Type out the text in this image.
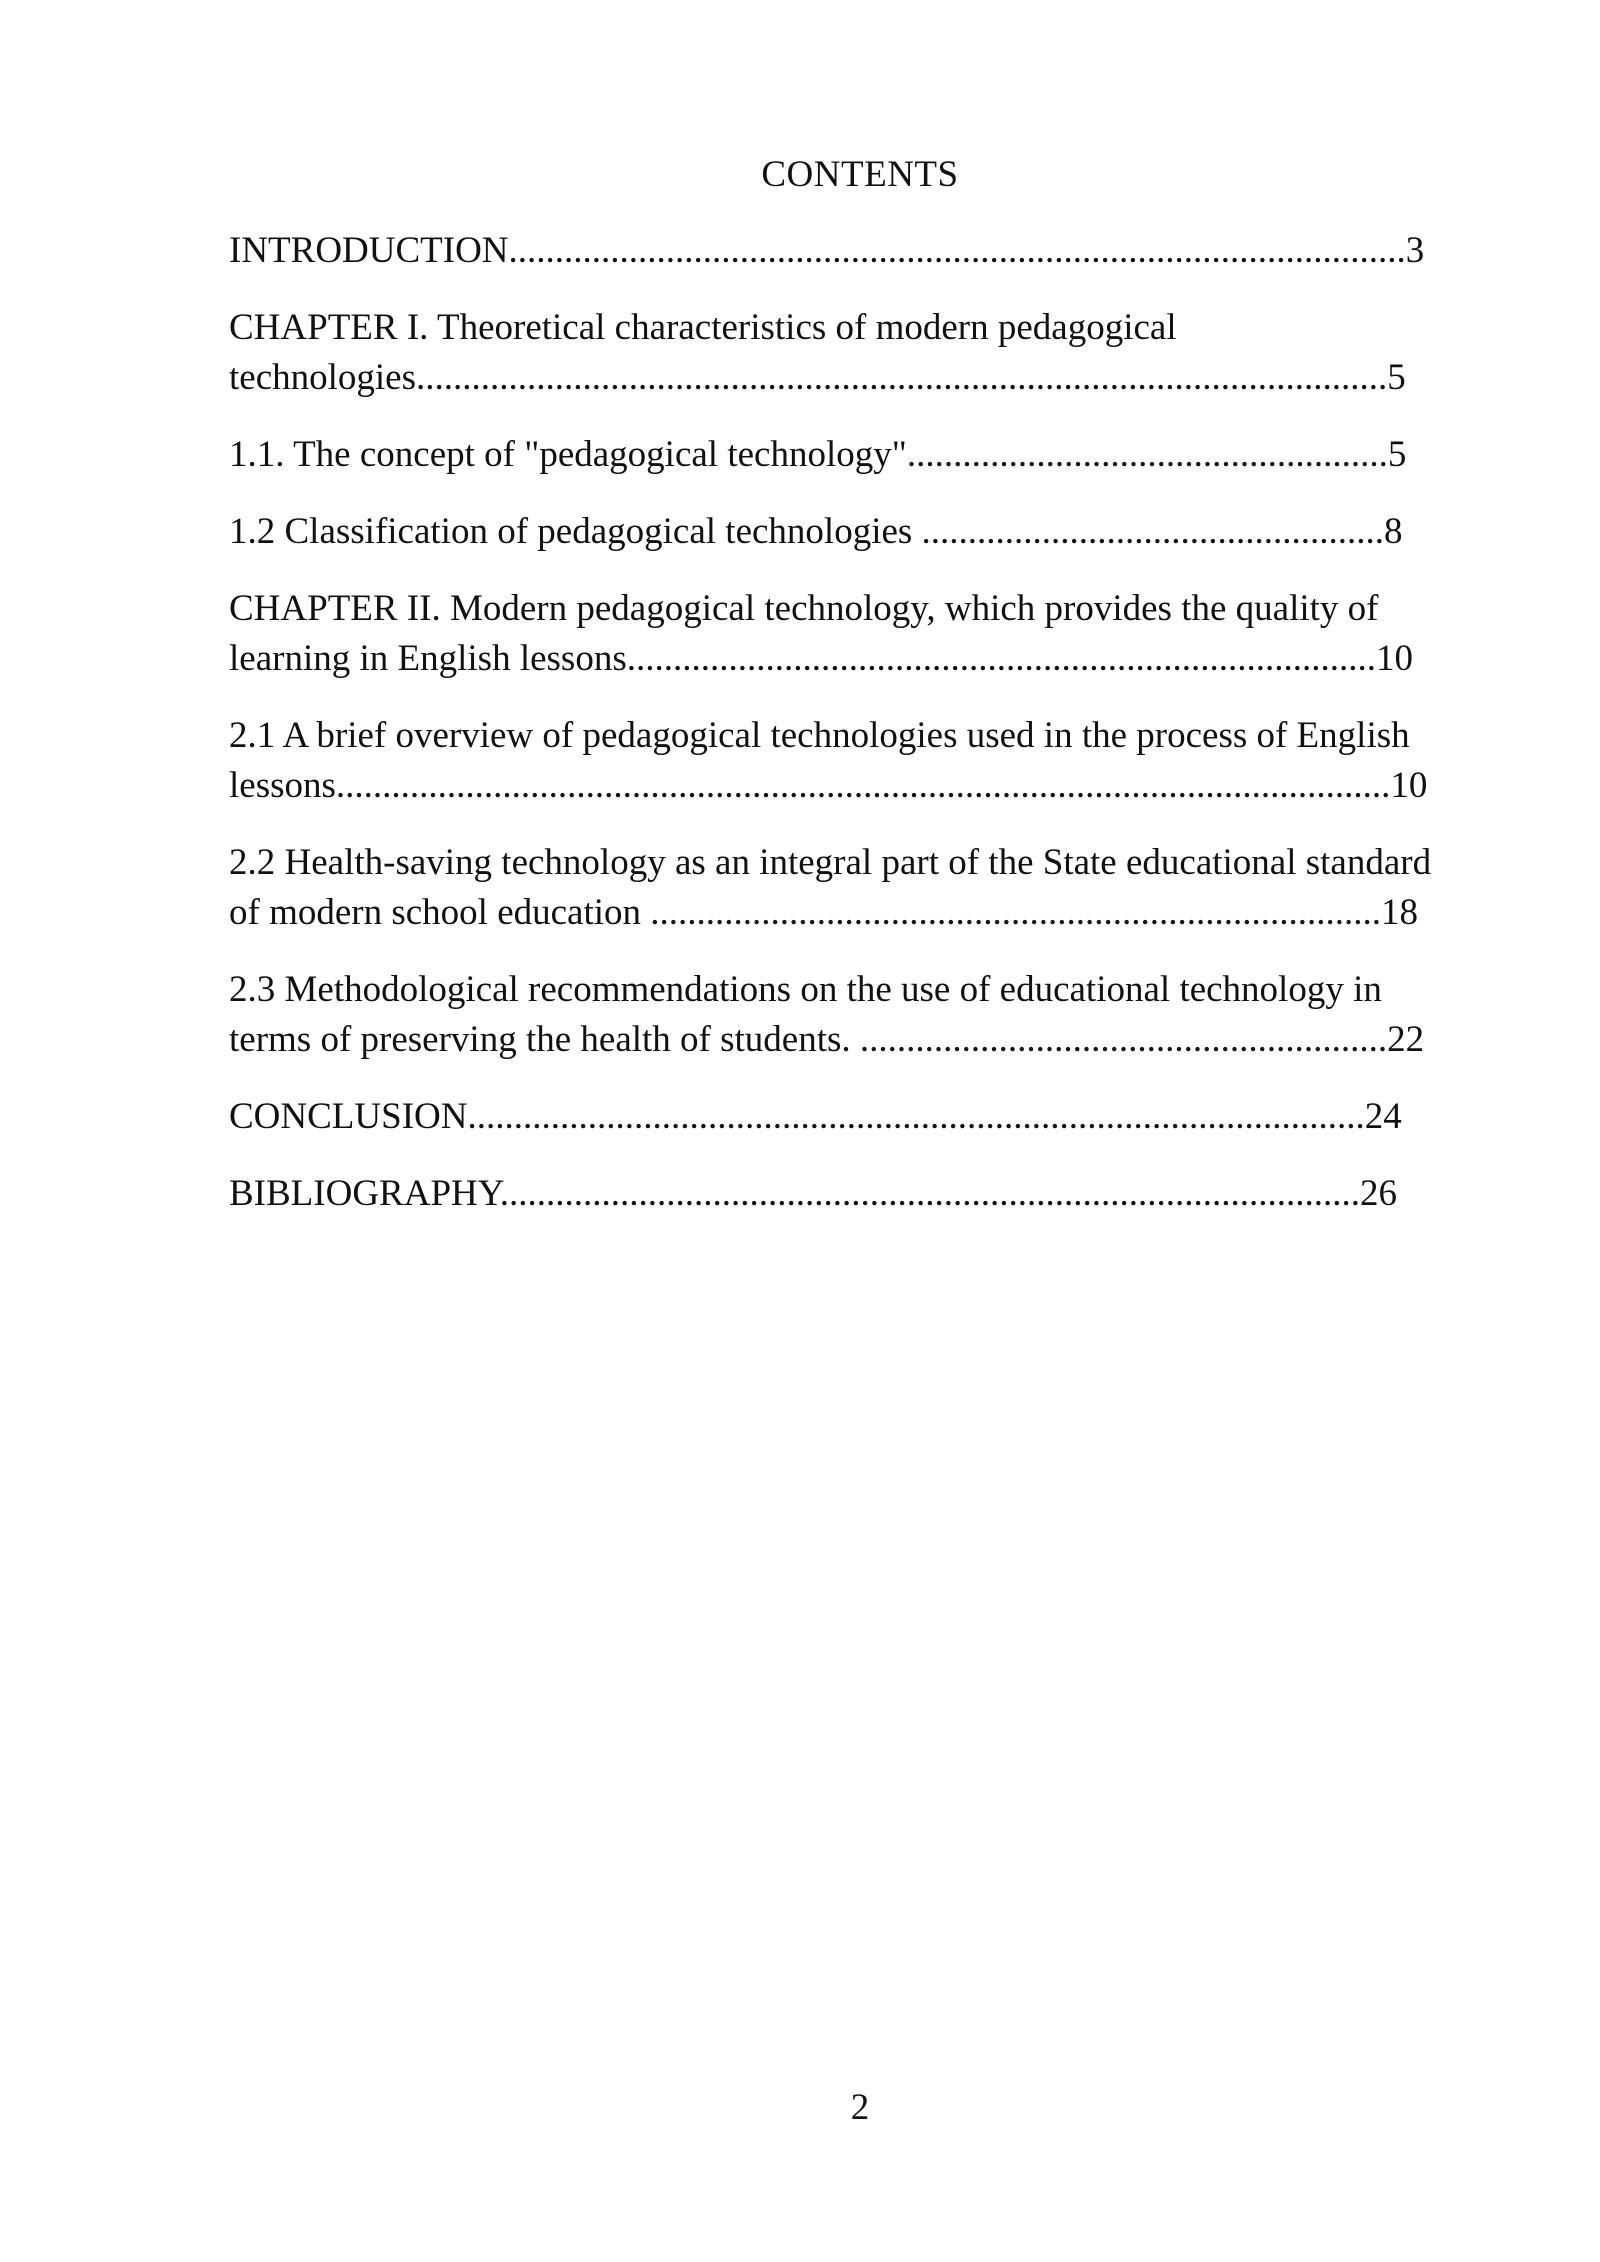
CONTENTS
INTRODUCTION.................................................................................................3
CHAPTER I. Theoretical characteristics of modern pedagogical
technologies.........................................................................................................5
1.1. The concept of "pedagogical technology"....................................................5
1.2 Classification of pedagogical technologies ..................................................8
CHAPTER II. Modern pedagogical technology, which provides the quality of
learning in English lessons.................................................................................10
2.1 A brief overview of pedagogical technologies used in the process of English
lessons..................................................................................................................10
2.2 Health-saving technology as an integral part of the State educational standard
of modern school education ...............................................................................18
2.3 Methodological recommendations on the use of educational technology in
terms of preserving the health of students. .........................................................22
CONCLUSION.................................................................................................24
BIBLIOGRAPHY.............................................................................................26
2
